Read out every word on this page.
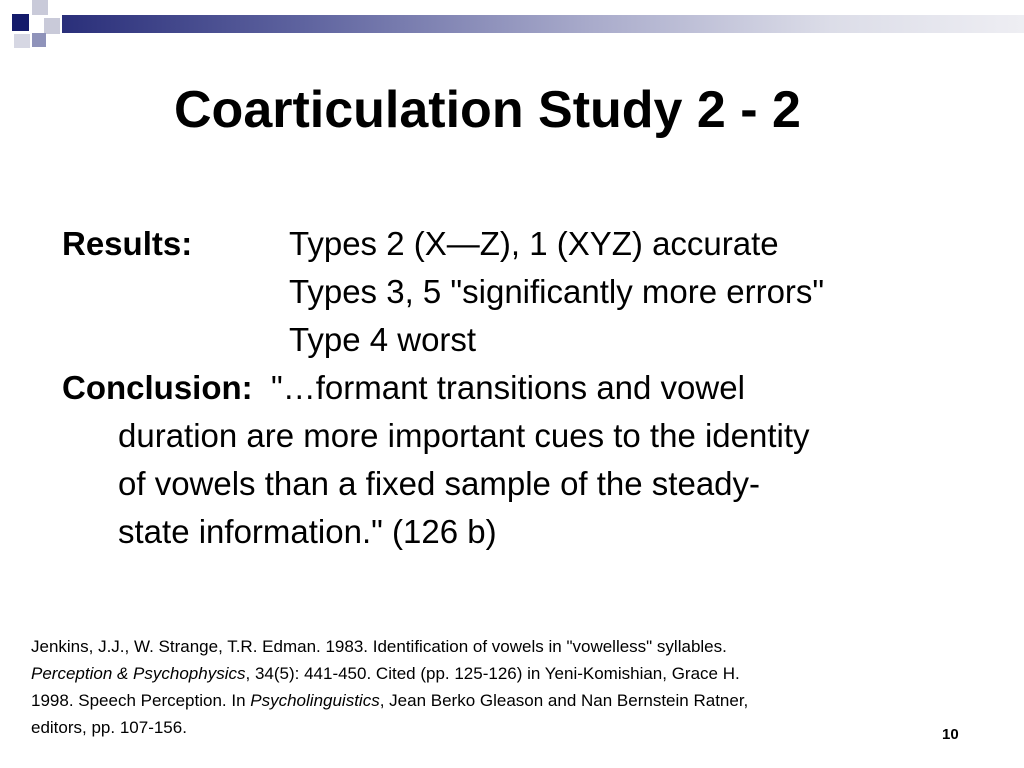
Coarticulation Study 2 - 2
Results:	Types 2 (X—Z), 1 (XYZ) accurate
Types 3, 5 "significantly more errors"
Type 4 worst
Conclusion: "…formant transitions and vowel
duration are more important cues to the identity
of vowels than a fixed sample of the steady-
state information." (126 b)
Jenkins, J.J., W. Strange, T.R. Edman. 1983. Identification of vowels in "vowelless" syllables.
Perception & Psychophysics, 34(5): 441-450. Cited (pp. 125-126) in Yeni-Komishian, Grace H.
1998. Speech Perception. In Psycholinguistics, Jean Berko Gleason and Nan Bernstein Ratner,
editors, pp. 107-156.	10
